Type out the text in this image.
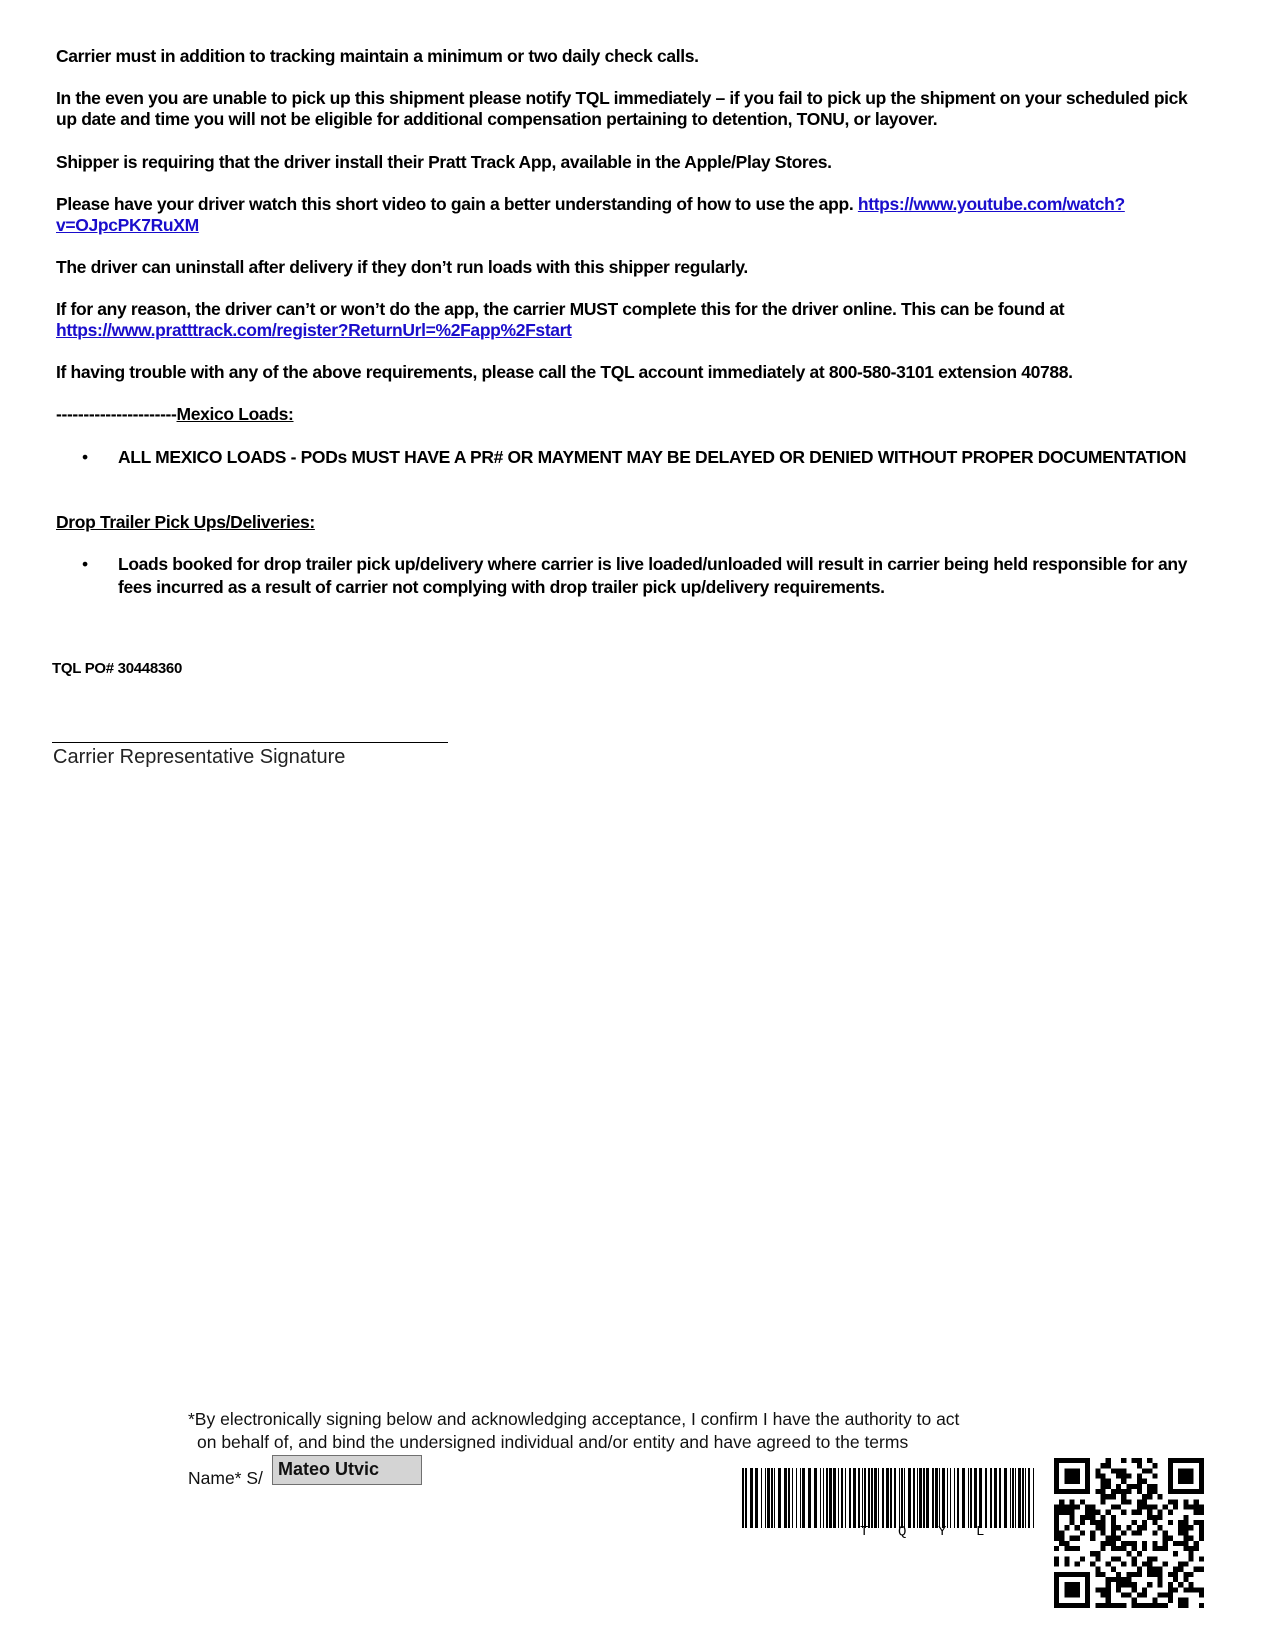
Carrier must in addition to tracking maintain a minimum or two daily check calls.

In the even you are unable to pick up this shipment please notify TQL immediately – if you fail to pick up the shipment on your scheduled pick up date and time you will not be eligible for additional compensation pertaining to detention, TONU, or layover.

Shipper is requiring that the driver install their Pratt Track App, available in the Apple/Play Stores.

Please have your driver watch this short video to gain a better understanding of how to use the app. https://www.youtube.com/watch?v=OJpcPK7RuXM

The driver can uninstall after delivery if they don’t run loads with this shipper regularly.

If for any reason, the driver can’t or won’t do the app, the carrier MUST complete this for the driver online. This can be found at https://www.pratttrack.com/register?ReturnUrl=%2Fapp%2Fstart

If having trouble with any of the above requirements, please call the TQL account immediately at 800-580-3101 extension 40788.

----------------------Mexico Loads:

• ALL MEXICO LOADS - PODs MUST HAVE A PR# OR MAYMENT MAY BE DELAYED OR DENIED WITHOUT PROPER DOCUMENTATION

Drop Trailer Pick Ups/Deliveries:

• Loads booked for drop trailer pick up/delivery where carrier is live loaded/unloaded will result in carrier being held responsible for any fees incurred as a result of carrier not complying with drop trailer pick up/delivery requirements.
TQL PO# 30448360
Carrier Representative Signature
*By electronically signing below and acknowledging acceptance, I confirm I have the authority to act
on behalf of, and bind the undersigned individual and/or entity and have agreed to the terms
Name* S/ Mateo Utvic
T Q Y L
